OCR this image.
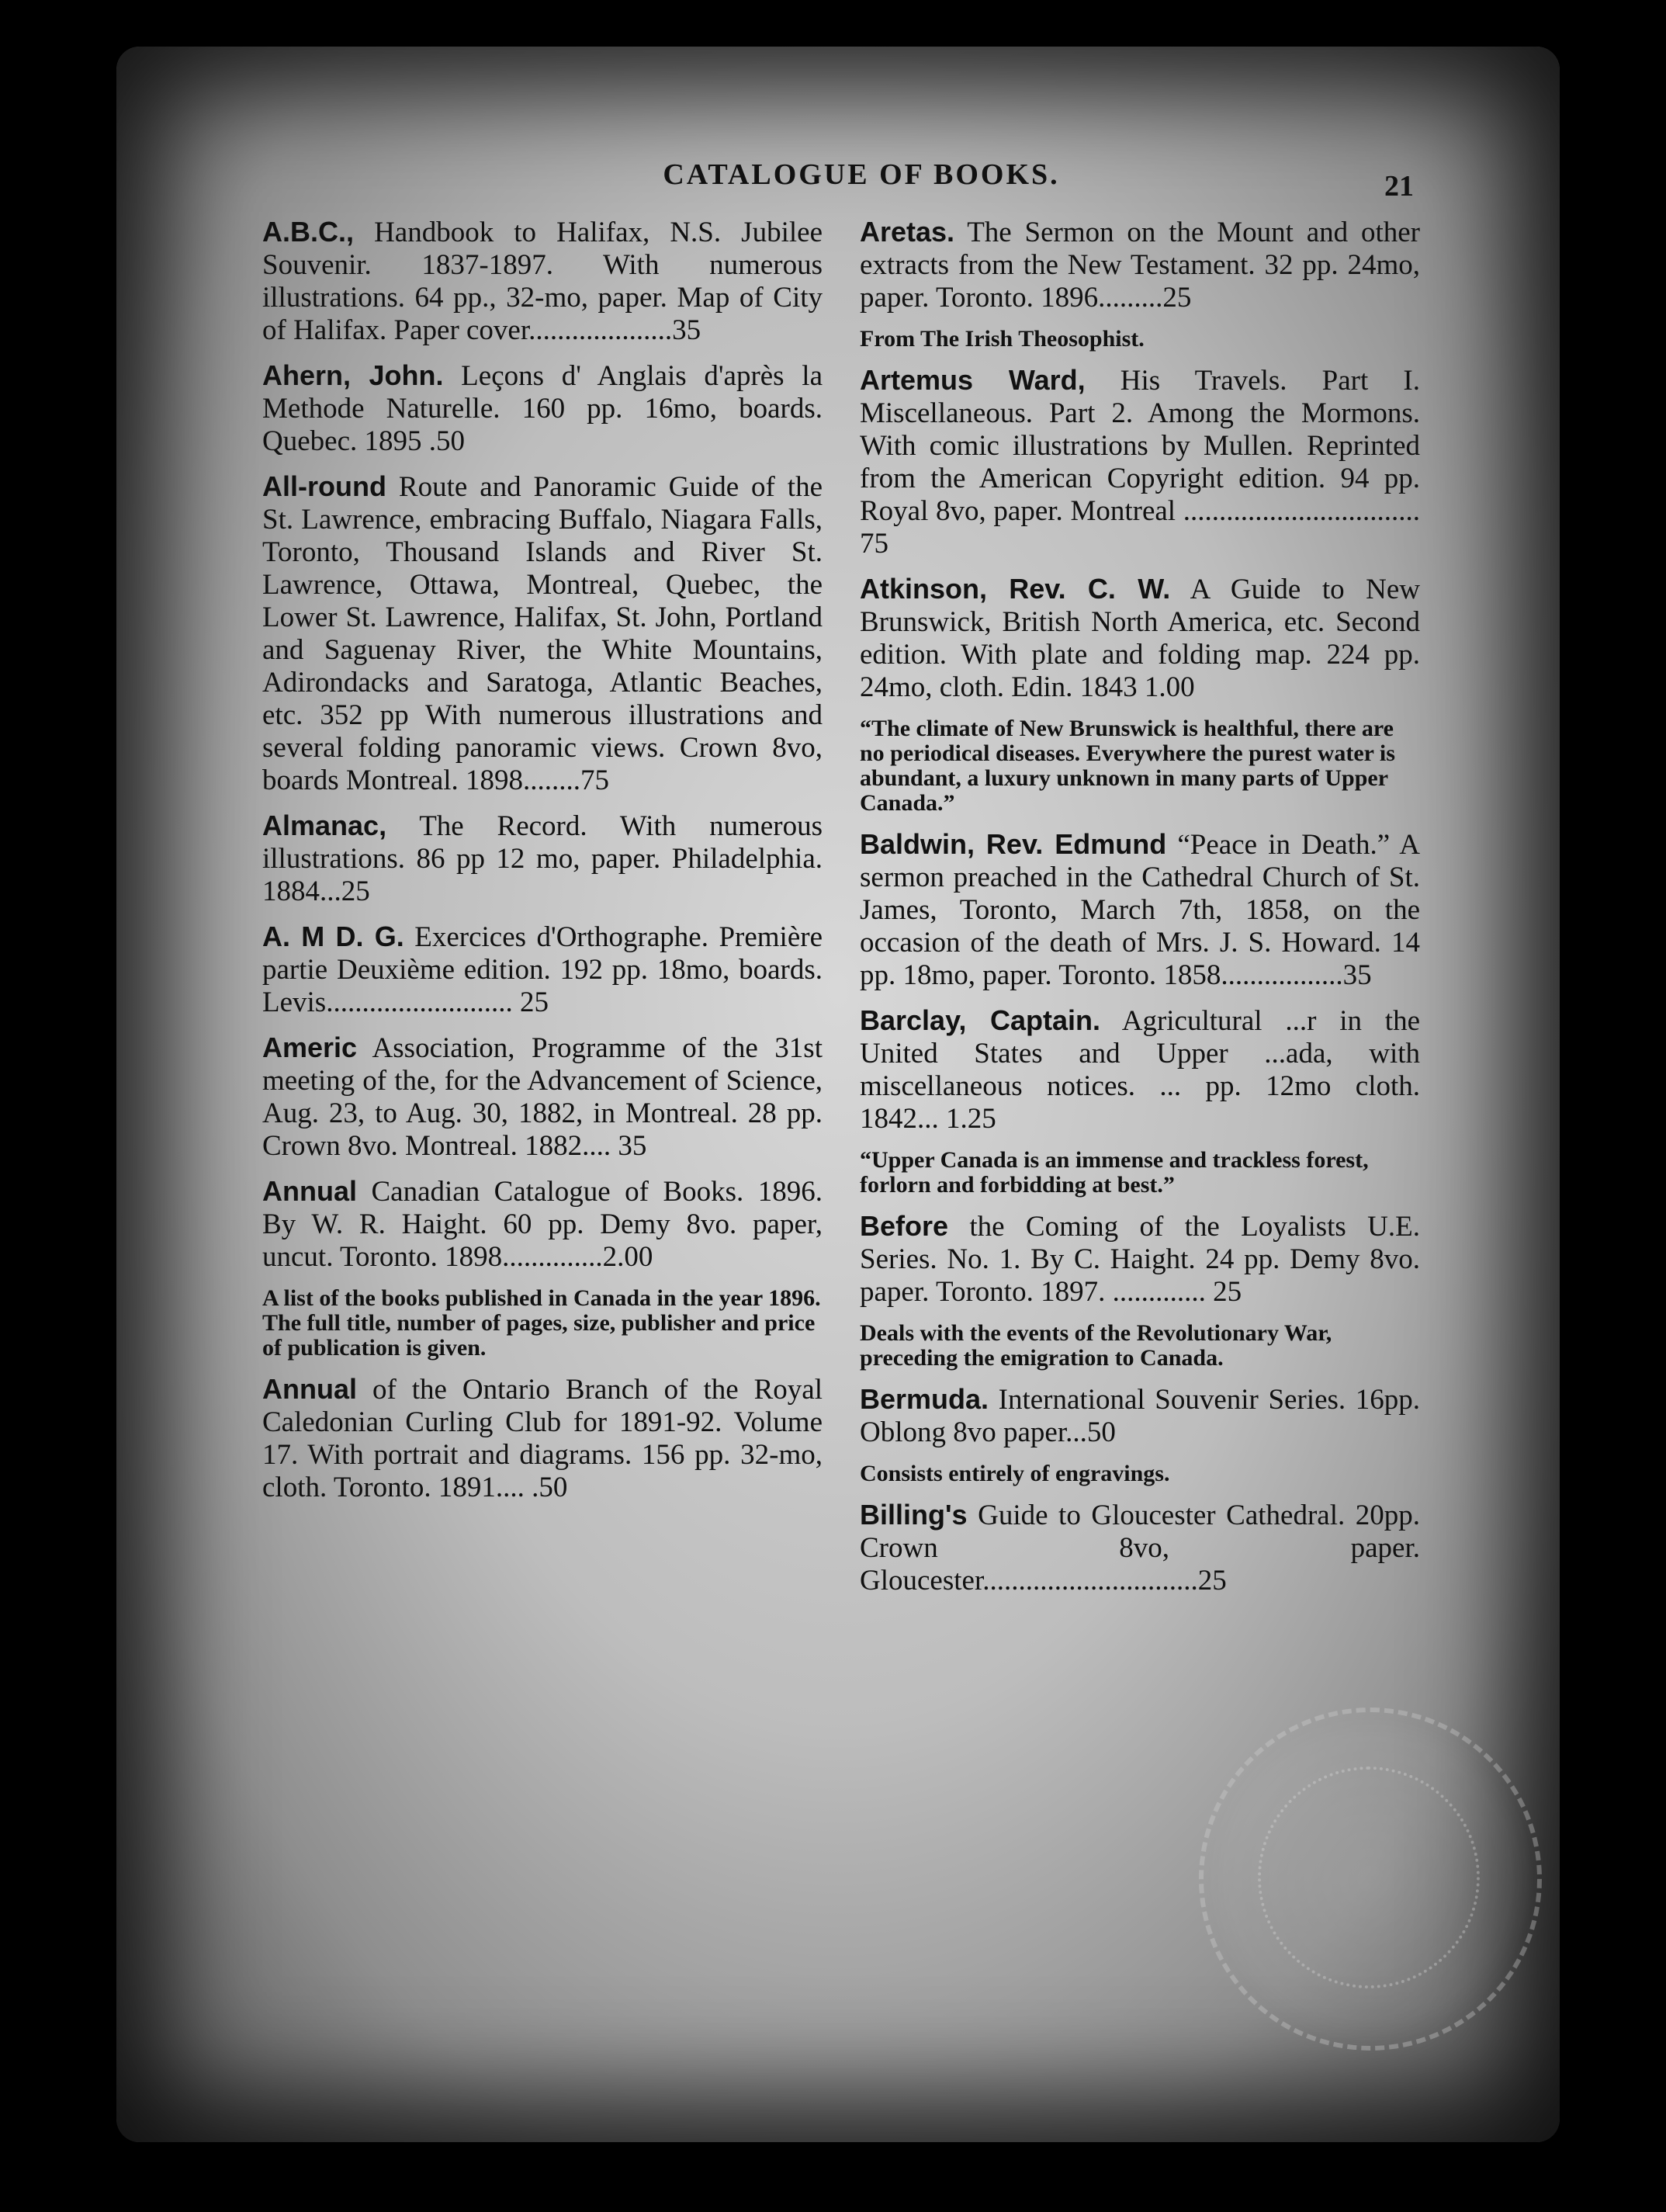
CATALOGUE OF BOOKS.	21
A.B.C., Handbook to Halifax, N.S. Jubilee Souvenir. 1837-1897. With numerous illustrations. 64 pp., 32-mo, paper. Map of City of Halifax. Paper cover....................35
Ahern, John. Leçons d' Anglais d'après la Methode Naturelle. 160 pp. 16mo, boards. Quebec. 1895 .50
All-round Route and Panoramic Guide of the St. Lawrence, embracing Buffalo, Niagara Falls, Toronto, Thousand Islands and River St. Lawrence, Ottawa, Montreal, Quebec, the Lower St. Lawrence, Halifax, St. John, Portland and Saguenay River, the White Mountains, Adirondacks and Saratoga, Atlantic Beaches, etc. 352 pp With numerous illustrations and several folding panoramic views. Crown 8vo, boards Montreal. 1898........75
Almanac, The Record. With numerous illustrations. 86 pp 12 mo, paper. Philadelphia. 1884...25
A. M D. G. Exercices d'Orthographe. Première partie Deuxième edition. 192 pp. 18mo, boards. Levis.......................... 25
Americ Association, Programme of the 31st meeting of the, for the Advancement of Science, Aug. 23, to Aug. 30, 1882, in Montreal. 28 pp. Crown 8vo. Montreal. 1882.... 35
Annual Canadian Catalogue of Books. 1896. By W. R. Haight. 60 pp. Demy 8vo. paper, uncut. Toronto. 1898..............2.00
A list of the books published in Canada in the year 1896. The full title, number of pages, size, publisher and price of publication is given.
Annual of the Ontario Branch of the Royal Caledonian Curling Club for 1891-92. Volume 17. With portrait and diagrams. 156 pp. 32-mo, cloth. Toronto. 1891.... .50
Aretas. The Sermon on the Mount and other extracts from the New Testament. 32 pp. 24mo, paper. Toronto. 1896.........25
From The Irish Theosophist.
Artemus Ward, His Travels. Part I. Miscellaneous. Part 2. Among the Mormons. With comic illustrations by Mullen. Reprinted from the American Copyright edition. 94 pp. Royal 8vo, paper. Montreal ................................. 75
Atkinson, Rev. C. W. A Guide to New Brunswick, British North America, etc. Second edition. With plate and folding map. 224 pp. 24mo, cloth. Edin. 1843 1.00
“The climate of New Brunswick is healthful, there are no periodical diseases. Everywhere the purest water is abundant, a luxury unknown in many parts of Upper Canada.”
Baldwin, Rev. Edmund “Peace in Death.” A sermon preached in the Cathedral Church of St. James, Toronto, March 7th, 1858, on the occasion of the death of Mrs. J. S. Howard. 14 pp. 18mo, paper. Toronto. 1858.................35
Barclay, Captain. Agricultural ...r in the United States and Upper ...ada, with miscellaneous notices. ... pp. 12mo cloth. 1842... 1.25
“Upper Canada is an immense and trackless forest, forlorn and forbidding at best.”
Before the Coming of the Loyalists U.E. Series. No. 1. By C. Haight. 24 pp. Demy 8vo. paper. Toronto. 1897. ............. 25
Deals with the events of the Revolutionary War, preceding the emigration to Canada.
Bermuda. International Souvenir Series. 16pp. Oblong 8vo paper...50
Consists entirely of engravings.
Billing's Guide to Gloucester Cathedral. 20pp. Crown 8vo, paper. Gloucester..............................25
